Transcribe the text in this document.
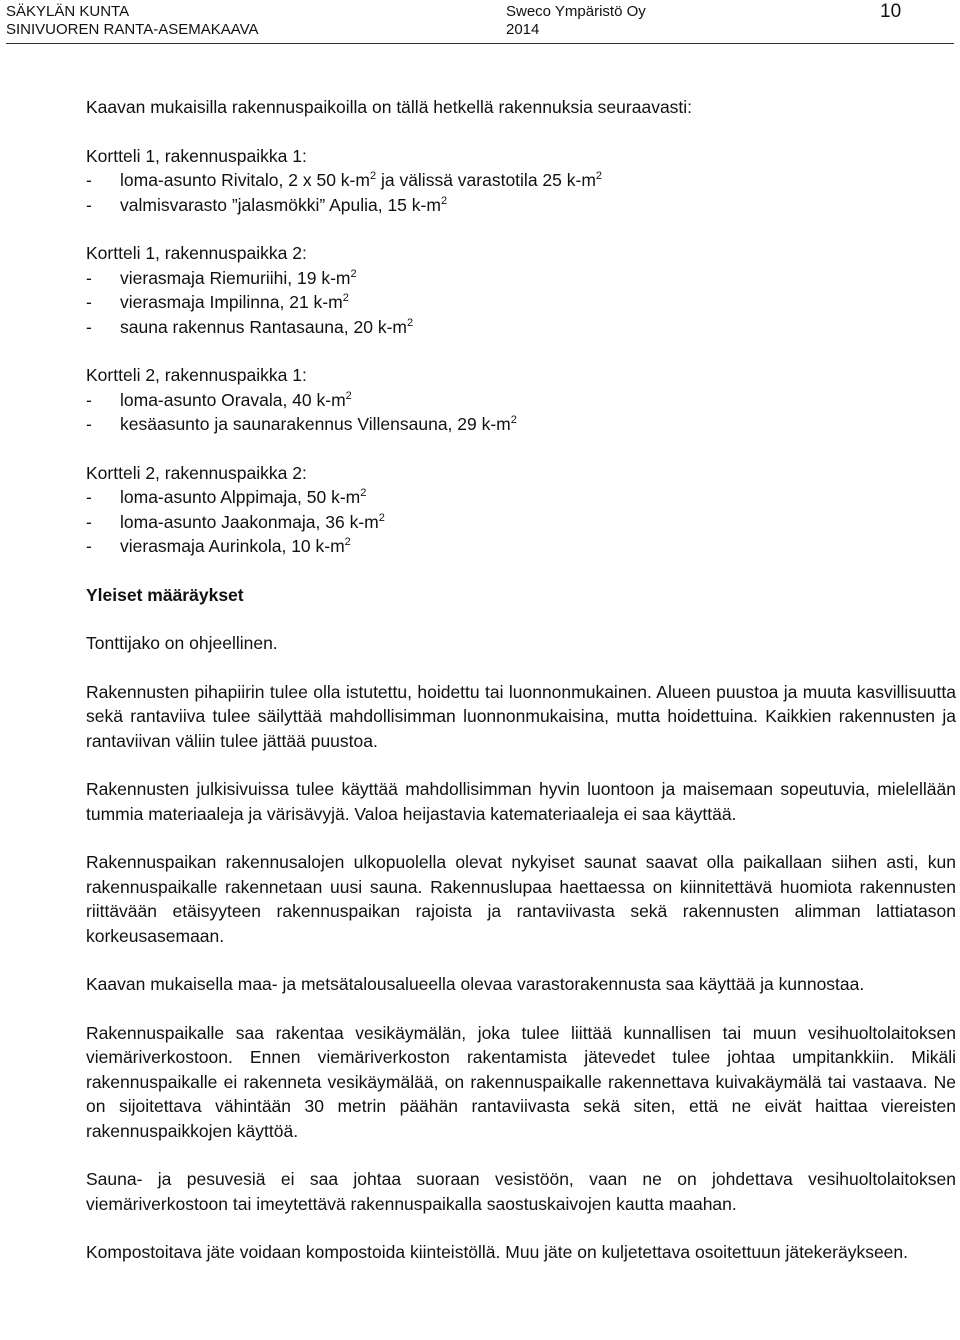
SÄKYLÄN KUNTA
SINIVUOREN RANTA-ASEMAKAAVA
Sweco Ympäristö Oy
2014
10

Kaavan mukaisilla rakennuspaikoilla on tällä hetkellä rakennuksia seuraavasti:

Kortteli 1, rakennuspaikka 1:

- loma-asunto Rivitalo, 2 x 50 $k-m^2$ ja välissä varastotila 25 $k-m^2$

- valmisvarasto ”jalasmökki” Apulia, 15 $k-m^2$

Kortteli 1, rakennuspaikka 2:

- vierasmaja Riemuriihi, 19 $k-m^2$

- vierasmaja Impilinna, 21 $k-m^2$

- sauna rakennus Rantasauna, 20 $k-m^2$

Kortteli 2, rakennuspaikka 1:

- loma-asunto Oravala, 40 $k-m^2$

- kesäasunto ja saunarakennus Villensauna, 29 $k-m^2$

Kortteli 2, rakennuspaikka 2:

- loma-asunto Alppimaja, 50 $k-m^2$

- loma-asunto Jaakonmaja, 36 $k-m^2$

- vierasmaja Aurinkola, 10 $k-m^2$

Yleiset määräykset

Tonttijako on ohjeellinen.

Rakennusten pihapiirin tulee olla istutettu, hoidettu tai luonnonmukainen. Alueen puustoa ja muuta kasvillisuutta sekä rantaviiva tulee säilyttää mahdollisimman luonnonmukaisina, mutta hoidettuina. Kaikkien rakennusten ja rantaviivan väliin tulee jättää puustoa.

Rakennusten julkisivuissa tulee käyttää mahdollisimman hyvin luontoon ja maisemaan sopeutuvia, mielellään tummia materiaaleja ja värisävyjä. Valoa heijastavia katemateriaaleja ei saa käyttää.

Rakennuspaikan rakennusalojen ulkopuolella olevat nykyiset saunat saavat olla paikallaan siihen asti, kun rakennuspaikalle rakennetaan uusi sauna. Rakennuslupaa haettaessa on kiinnitettävä huomiota rakennusten riittävään etäisyyteen rakennuspaikan rajoista ja rantaviivasta sekä rakennusten alimman lattiatason korkeusasemaan.

Kaavan mukaisella maa- ja metsätalousalueella olevaa varastorakennusta saa käyttää ja kunnostaa.

Rakennuspaikalle saa rakentaa vesikäymälän, joka tulee liittää kunnallisen tai muun vesihuoltolaitoksen viemäriverkostoon. Ennen viemäriverkoston rakentamista jätevedet tulee johtaa umpitankkiin. Mikäli rakennuspaikalle ei rakenneta vesikäymälää, on rakennuspaikalle rakennettava kuivakäymälä tai vastaava. Ne on sijoitettava vähintään 30 metrin päähän rantaviivasta sekä siten, että ne eivät haittaa viereisten rakennuspaikkojen käyttöä.

Sauna- ja pesuvesiä ei saa johtaa suoraan vesistöön, vaan ne on johdettava vesihuoltolaitoksen viemäriverkostoon tai imeytettävä rakennuspaikalla saostuskaivojen kautta maahan.

Kompostoitava jäte voidaan kompostoida kiinteistöllä. Muu jäte on kuljetettava osoitettuun jätekeräykseen.
